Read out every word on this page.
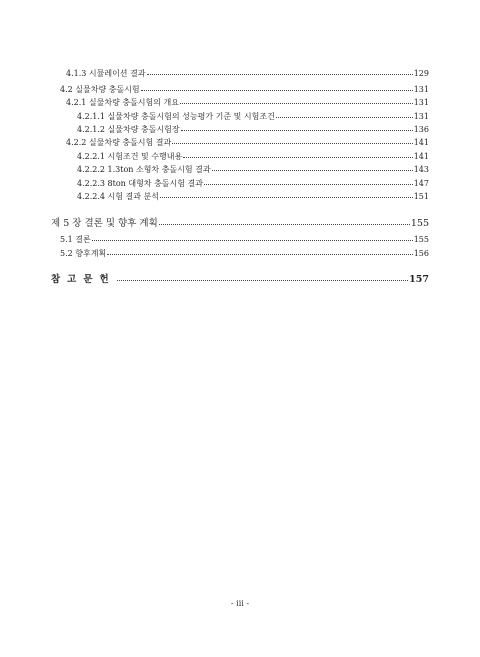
4.1.3 시뮬레이션 결과	129
4.2 실물차량 충돌시험	131
4.2.1 실물차량 충돌시험의 개요	131
4.2.1.1 실물차량 충돌시험의 성능평가 기준 및 시험조건	131
4.2.1.2 실물차량 충돌시험장	136
4.2.2 실물차량 충돌시험 결과	141
4.2.2.1 시험조건 및 수행내용	141
4.2.2.2 1.3ton 소형차 충돌시험 결과	143
4.2.2.3 8ton 대형차 충돌시험 결과	147
4.2.2.4 시험 결과 분석	151
제 5 장 결론 및 향후 계획	155
5.1 결론	155
5.2 향후계획	156
참고문헌	157
- iii -
